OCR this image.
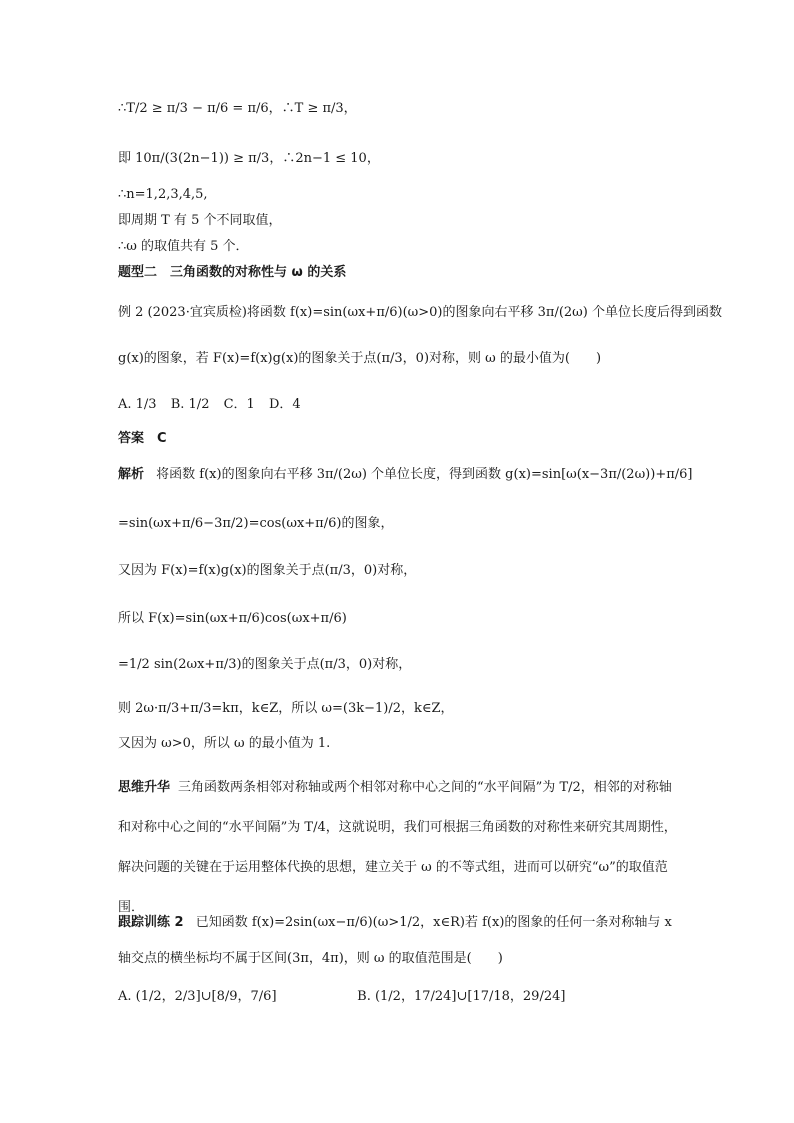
∴T/2 ≥ π/3 − π/6 = π/6，∴T ≥ π/3，
即 10π/(3(2n−1)) ≥ π/3，∴2n−1 ≤ 10，
∴n=1,2,3,4,5,
即周期 T 有 5 个不同取值，
∴ω 的取值共有 5 个．
题型二　三角函数的对称性与 ω 的关系
例 2 (2023·宜宾质检)将函数 f(x)=sin(ωx+π/6)(ω>0)的图象向右平移 3π/(2ω) 个单位长度后得到函数
g(x)的图象，若 F(x)=f(x)g(x)的图象关于点(π/3，0)对称，则 ω 的最小值为(　　)
A. 1/3 B. 1/2 C．1 D．4
答案　C
解析 将函数 f(x)的图象向右平移 3π/(2ω) 个单位长度，得到函数 g(x)=sin[ω(x−3π/(2ω))+π/6]
=sin(ωx+π/6−3π/2)=cos(ωx+π/6)的图象，
又因为 F(x)=f(x)g(x)的图象关于点(π/3，0)对称，
所以 F(x)=sin(ωx+π/6)cos(ωx+π/6)
=1/2 sin(2ωx+π/3)的图象关于点(π/3，0)对称，
则 2ω·π/3+π/3=kπ，k∈Z，所以 ω=(3k−1)/2，k∈Z，
又因为 ω>0，所以 ω 的最小值为 1.
思维升华 三角函数两条相邻对称轴或两个相邻对称中心之间的“水平间隔”为 T/2，相邻的对称轴和对称中心之间的“水平间隔”为 T/4，这就说明，我们可根据三角函数的对称性来研究其周期性，解决问题的关键在于运用整体代换的思想，建立关于 ω 的不等式组，进而可以研究“ω”的取值范围．
跟踪训练 2 已知函数 f(x)=2sin(ωx−π/6)(ω>1/2，x∈R)若 f(x)的图象的任何一条对称轴与 x
轴交点的横坐标均不属于区间(3π，4π)，则 ω 的取值范围是(　　)
A. (1/2，2/3]∪[8/9，7/6]	B. (1/2，17/24]∪[17/18，29/24]
